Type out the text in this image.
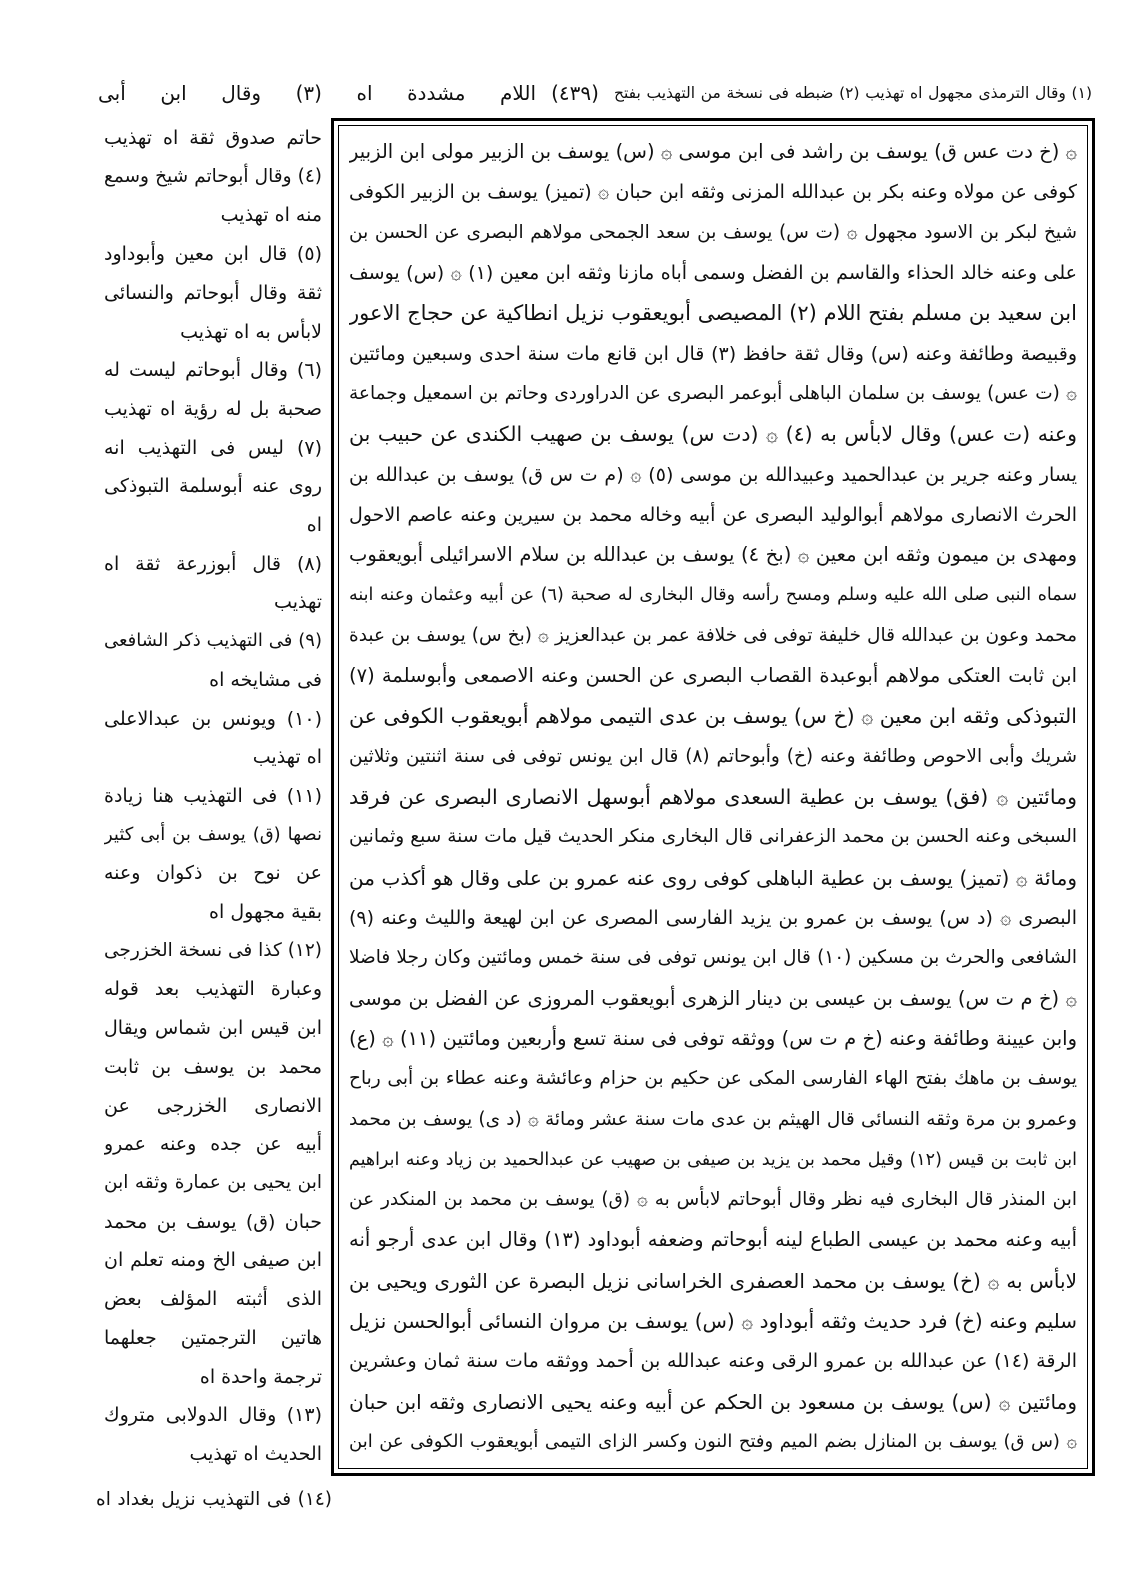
(١) وقال الترمذى مجهول اه تهذيب (٢) ضبطه فى نسخة من التهذيب بفتح
(٤٣٩)
اللام مشددة اه (٣) وقال ابن أبى
۞ (خ دت عس ق) يوسف بن راشد فى ابن موسى ۞ (س) يوسف بن الزبير مولى ابن الزبير
كوفى عن مولاه وعنه بكر بن عبدالله المزنى وثقه ابن حبان ۞ (تميز) يوسف بن الزبير الكوفى
شيخ لبكر بن الاسود مجهول ۞ (ت س) يوسف بن سعد الجمحى مولاهم البصرى عن الحسن بن
على وعنه خالد الحذاء والقاسم بن الفضل وسمى أباه مازنا وثقه ابن معين (١) ۞ (س) يوسف
ابن سعيد بن مسلم بفتح اللام (٢) المصيصى أبويعقوب نزيل انطاكية عن حجاج الاعور
وقبيصة وطائفة وعنه (س) وقال ثقة حافظ (٣) قال ابن قانع مات سنة احدى وسبعين ومائتين
۞ (ت عس) يوسف بن سلمان الباهلى أبوعمر البصرى عن الدراوردى وحاتم بن اسمعيل وجماعة
وعنه (ت عس) وقال لابأس به (٤) ۞ (دت س) يوسف بن صهيب الكندى عن حبيب بن
يسار وعنه جرير بن عبدالحميد وعبيدالله بن موسى (٥) ۞ (م ت س ق) يوسف بن عبدالله بن
الحرث الانصارى مولاهم أبوالوليد البصرى عن أبيه وخاله محمد بن سيرين وعنه عاصم الاحول
ومهدى بن ميمون وثقه ابن معين ۞ (بخ ٤) يوسف بن عبدالله بن سلام الاسرائيلى أبويعقوب
سماه النبى صلى الله عليه وسلم ومسح رأسه وقال البخارى له صحبة (٦) عن أبيه وعثمان وعنه ابنه
محمد وعون بن عبدالله قال خليفة توفى فى خلافة عمر بن عبدالعزيز ۞ (بخ س) يوسف بن عبدة
ابن ثابت العتكى مولاهم أبوعبدة القصاب البصرى عن الحسن وعنه الاصمعى وأبوسلمة (٧)
التبوذكى وثقه ابن معين ۞ (خ س) يوسف بن عدى التيمى مولاهم أبويعقوب الكوفى عن
شريك وأبى الاحوص وطائفة وعنه (خ) وأبوحاتم (٨) قال ابن يونس توفى فى سنة اثنتين وثلاثين
ومائتين ۞ (فق) يوسف بن عطية السعدى مولاهم أبوسهل الانصارى البصرى عن فرقد
السبخى وعنه الحسن بن محمد الزعفرانى قال البخارى منكر الحديث قيل مات سنة سبع وثمانين
ومائة ۞ (تميز) يوسف بن عطية الباهلى كوفى روى عنه عمرو بن على وقال هو أكذب من
البصرى ۞ (د س) يوسف بن عمرو بن يزيد الفارسى المصرى عن ابن لهيعة والليث وعنه (٩)
الشافعى والحرث بن مسكين (١٠) قال ابن يونس توفى فى سنة خمس ومائتين وكان رجلا فاضلا
۞ (خ م ت س) يوسف بن عيسى بن دينار الزهرى أبويعقوب المروزى عن الفضل بن موسى
وابن عيينة وطائفة وعنه (خ م ت س) ووثقه توفى فى سنة تسع وأربعين ومائتين (١١) ۞ (ع)
يوسف بن ماهك بفتح الهاء الفارسى المكى عن حكيم بن حزام وعائشة وعنه عطاء بن أبى رباح
وعمرو بن مرة وثقه النسائى قال الهيثم بن عدى مات سنة عشر ومائة ۞ (د ى) يوسف بن محمد
ابن ثابت بن قيس (١٢) وقيل محمد بن يزيد بن صيفى بن صهيب عن عبدالحميد بن زياد وعنه ابراهيم
ابن المنذر قال البخارى فيه نظر وقال أبوحاتم لابأس به ۞ (ق) يوسف بن محمد بن المنكدر عن
أبيه وعنه محمد بن عيسى الطباع لينه أبوحاتم وضعفه أبوداود (١٣) وقال ابن عدى أرجو أنه
لابأس به ۞ (خ) يوسف بن محمد العصفرى الخراسانى نزيل البصرة عن الثورى ويحيى بن
سليم وعنه (خ) فرد حديث وثقه أبوداود ۞ (س) يوسف بن مروان النسائى أبوالحسن نزيل
الرقة (١٤) عن عبدالله بن عمرو الرقى وعنه عبدالله بن أحمد ووثقه مات سنة ثمان وعشرين
ومائتين ۞ (س) يوسف بن مسعود بن الحكم عن أبيه وعنه يحيى الانصارى وثقه ابن حبان
۞ (س ق) يوسف بن المنازل بضم الميم وفتح النون وكسر الزاى التيمى أبويعقوب الكوفى عن ابن
حاتم صدوق ثقة اه تهذيب
(٤) وقال أبوحاتم شيخ وسمع
منه اه تهذيب
(٥) قال ابن معين وأبوداود
ثقة وقال أبوحاتم والنسائى
لابأس به اه تهذيب
(٦) وقال أبوحاتم ليست له
صحبة بل له رؤية اه تهذيب
(٧) ليس فى التهذيب انه
روى عنه أبوسلمة التبوذكى
اه
(٨) قال أبوزرعة ثقة اه
تهذيب
(٩) فى التهذيب ذكر الشافعى
فى مشايخه اه
(١٠) ويونس بن عبدالاعلى
اه تهذيب
(١١) فى التهذيب هنا زيادة
نصها (ق) يوسف بن أبى كثير
عن نوح بن ذكوان وعنه
بقية مجهول اه
(١٢) كذا فى نسخة الخزرجى
وعبارة التهذيب بعد قوله
ابن قيس ابن شماس ويقال
محمد بن يوسف بن ثابت
الانصارى الخزرجى عن
أبيه عن جده وعنه عمرو
ابن يحيى بن عمارة وثقه ابن
حبان (ق) يوسف بن محمد
ابن صيفى الخ ومنه تعلم ان
الذى أثبته المؤلف بعض
هاتين الترجمتين جعلهما
ترجمة واحدة اه
(١٣) وقال الدولابى متروك
الحديث اه تهذيب
(١٤) فى التهذيب نزيل بغداد اه
